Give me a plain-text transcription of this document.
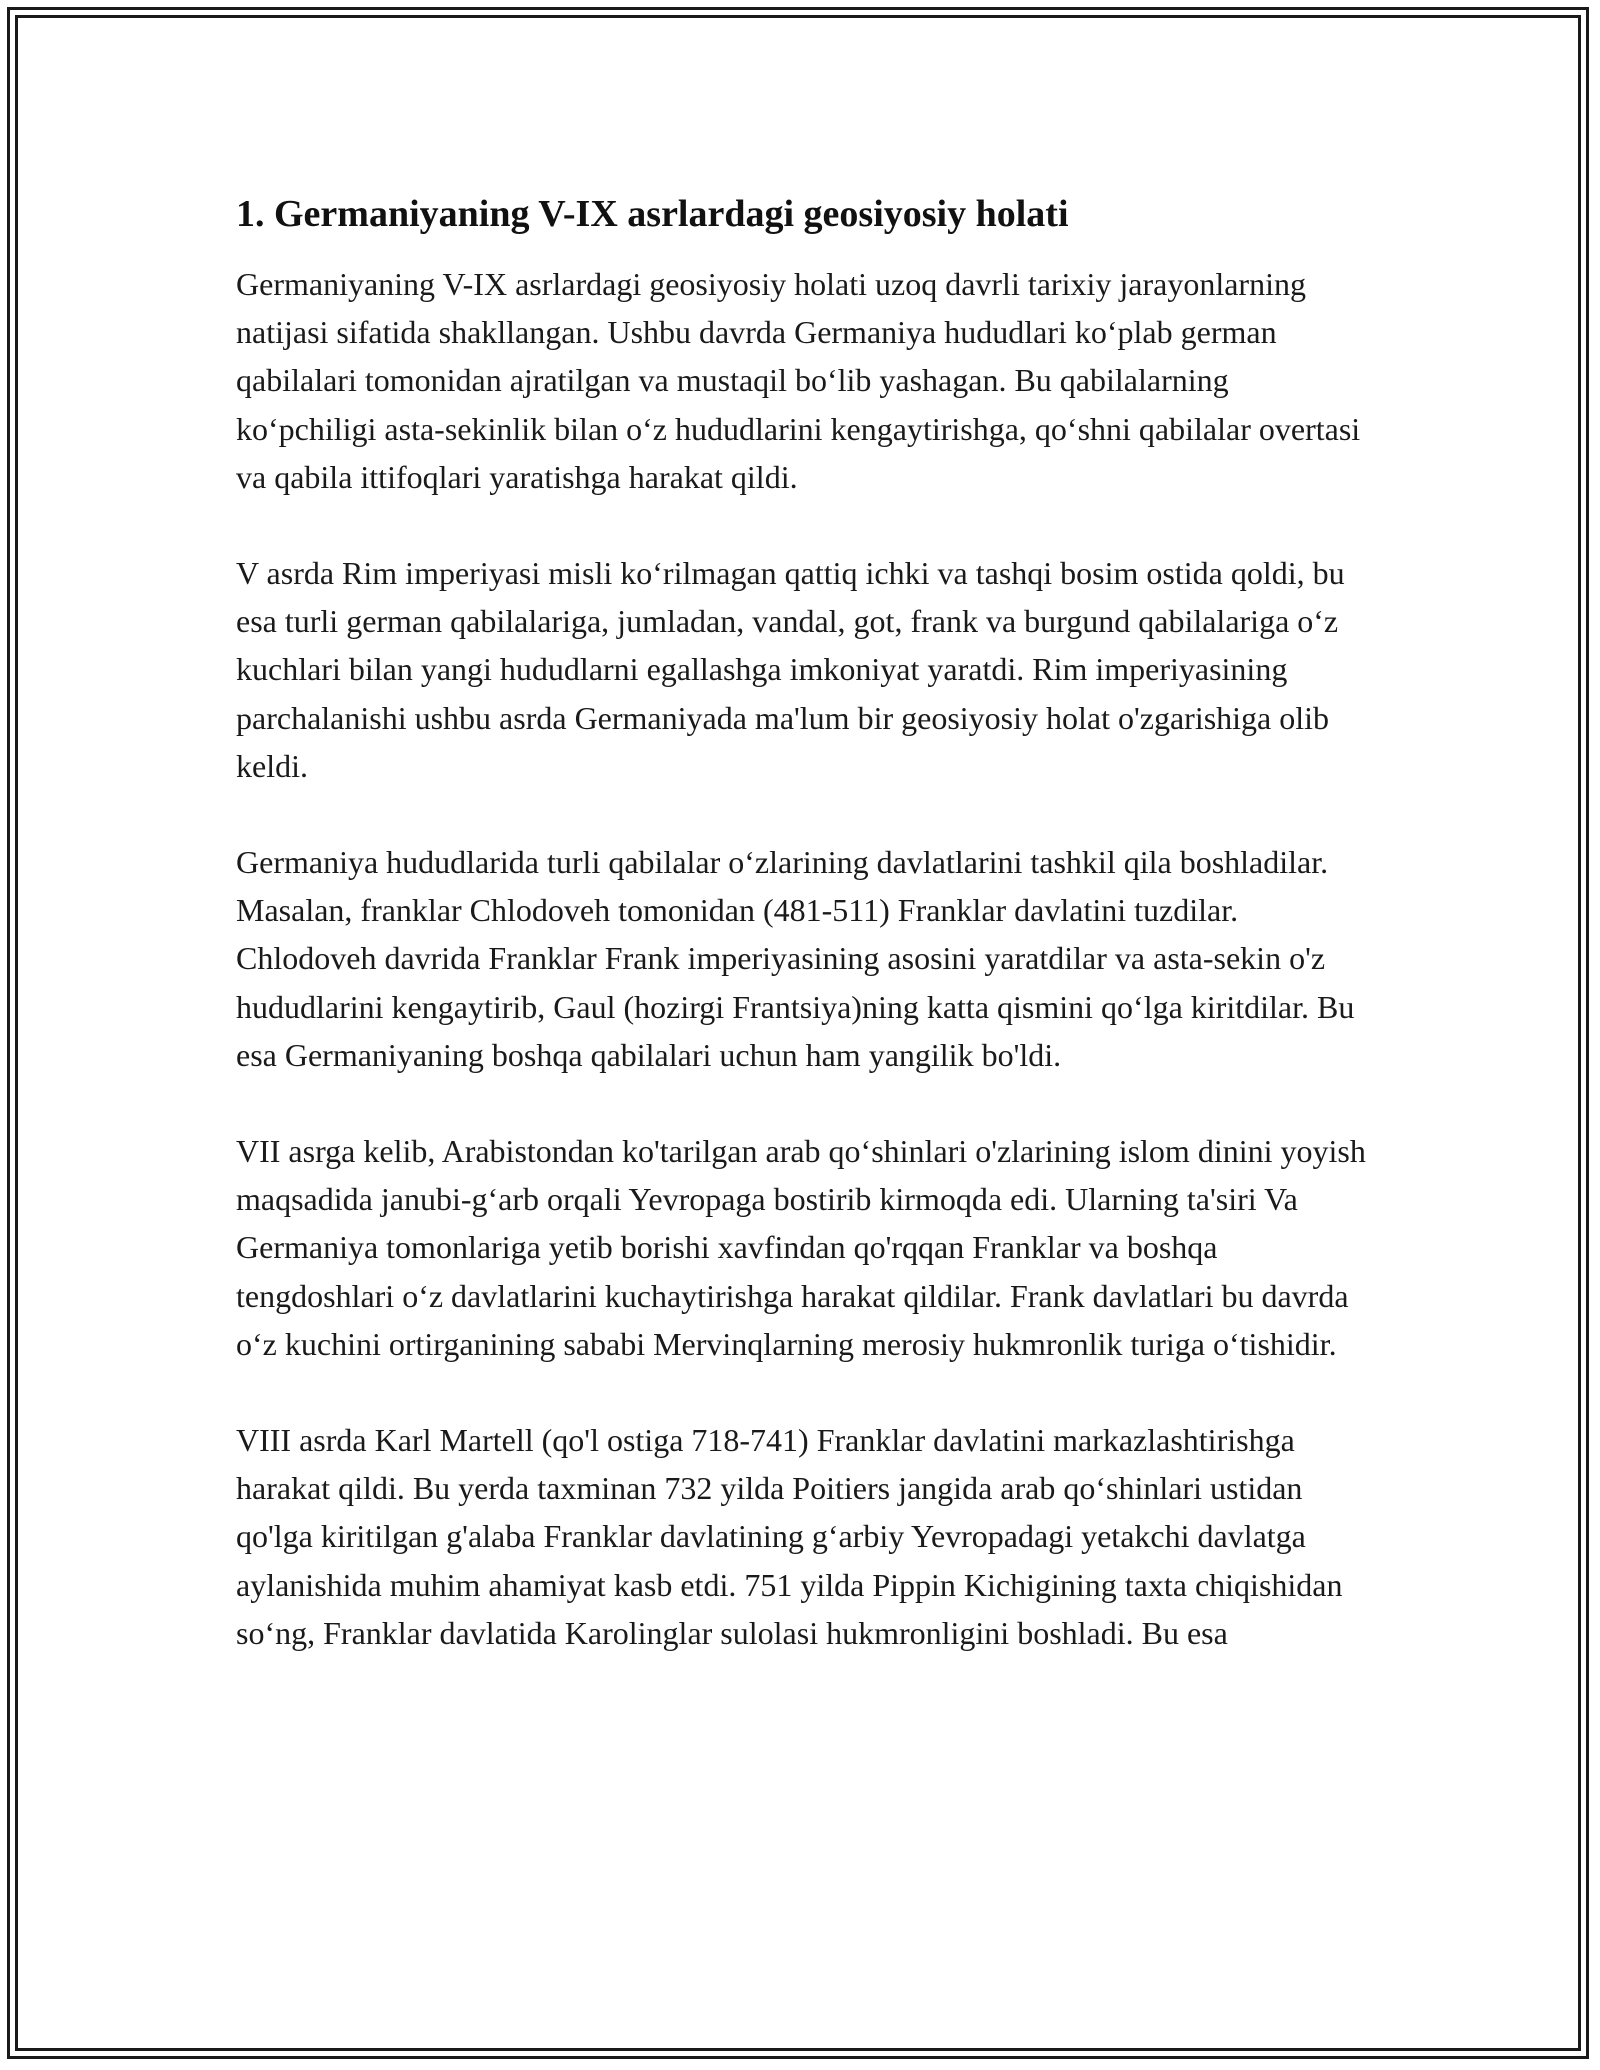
1. Germaniyaning V-IX asrlardagi geosiyosiy holati

Germaniyaning V-IX asrlardagi geosiyosiy holati uzoq davrli tarixiy jarayonlarning natijasi sifatida shakllangan. Ushbu davrda Germaniya hududlari ko‘plab german qabilalari tomonidan ajratilgan va mustaqil bo‘lib yashagan. Bu qabilalarning ko‘pchiligi asta-sekinlik bilan o‘z hududlarini kengaytirishga, qo‘shni qabilalar overtasi va qabila ittifoqlari yaratishga harakat qildi.

V asrda Rim imperiyasi misli ko‘rilmagan qattiq ichki va tashqi bosim ostida qoldi, bu esa turli german qabilalariga, jumladan, vandal, got, frank va burgund qabilalariga o‘z kuchlari bilan yangi hududlarni egallashga imkoniyat yaratdi. Rim imperiyasining parchalanishi ushbu asrda Germaniyada ma'lum bir geosiyosiy holat o'zgarishiga olib keldi.

Germaniya hududlarida turli qabilalar o‘zlarining davlatlarini tashkil qila boshladilar. Masalan, franklar Chlodoveh tomonidan (481-511) Franklar davlatini tuzdilar. Chlodoveh davrida Franklar Frank imperiyasining asosini yaratdilar va asta-sekin o'z hududlarini kengaytirib, Gaul (hozirgi Frantsiya)ning katta qismini qo‘lga kiritdilar. Bu esa Germaniyaning boshqa qabilalari uchun ham yangilik bo'ldi.

VII asrga kelib, Arabistondan ko'tarilgan arab qo‘shinlari o'zlarining islom dinini yoyish maqsadida janubi-g‘arb orqali Yevropaga bostirib kirmoqda edi. Ularning ta'siri Va Germaniya tomonlariga yetib borishi xavfindan qo'rqqan Franklar va boshqa tengdoshlari o‘z davlatlarini kuchaytirishga harakat qildilar. Frank davlatlari bu davrda o‘z kuchini ortirganining sababi Mervinqlarning merosiy hukmronlik turiga o‘tishidir.

VIII asrda Karl Martell (qo'l ostiga 718-741) Franklar davlatini markazlashtirishga harakat qildi. Bu yerda taxminan 732 yilda Poitiers jangida arab qo‘shinlari ustidan qo'lga kiritilgan g'alaba Franklar davlatining g‘arbiy Yevropadagi yetakchi davlatga aylanishida muhim ahamiyat kasb etdi. 751 yilda Pippin Kichigining taxta chiqishidan so‘ng, Franklar davlatida Karolinglar sulolasi hukmronligini boshladi. Bu esa
